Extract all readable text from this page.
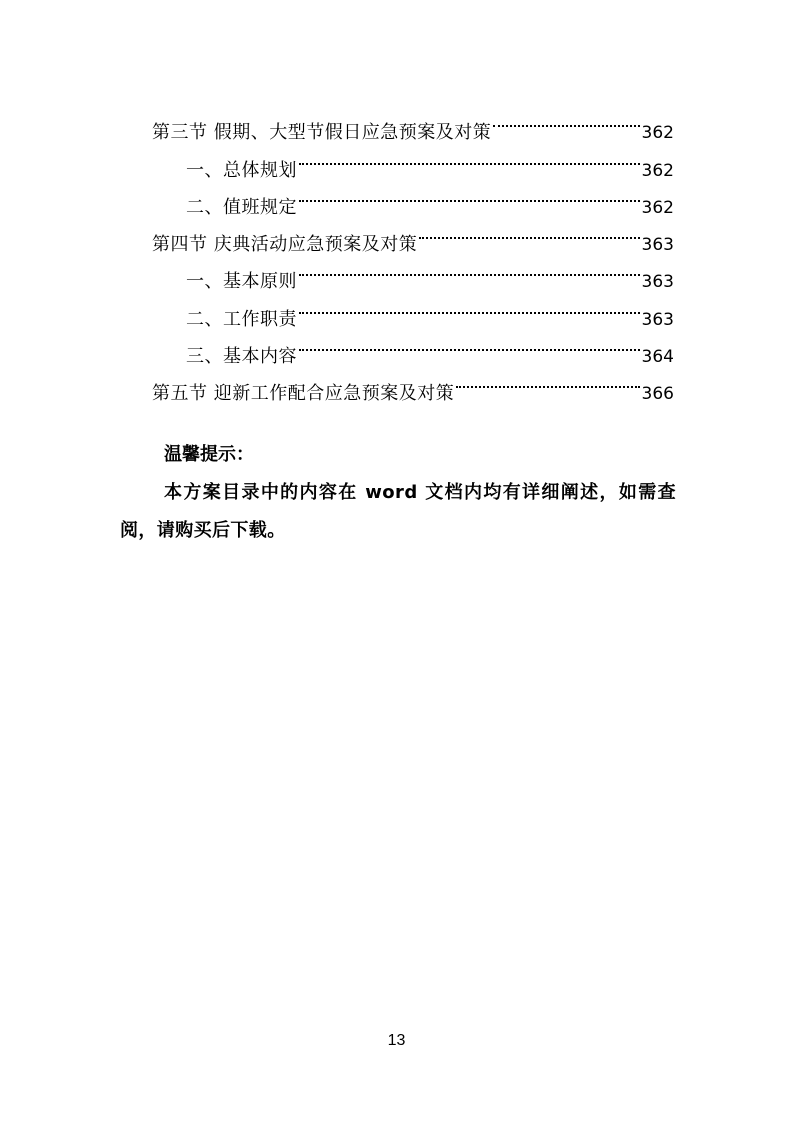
第三节 假期、大型节假日应急预案及对策	362
一、总体规划	362
二、值班规定	362
第四节 庆典活动应急预案及对策	363
一、基本原则	363
二、工作职责	363
三、基本内容	364
第五节 迎新工作配合应急预案及对策	366
温馨提示：
本方案目录中的内容在 word 文档内均有详细阐述，如需查阅，请购买后下载。
13
